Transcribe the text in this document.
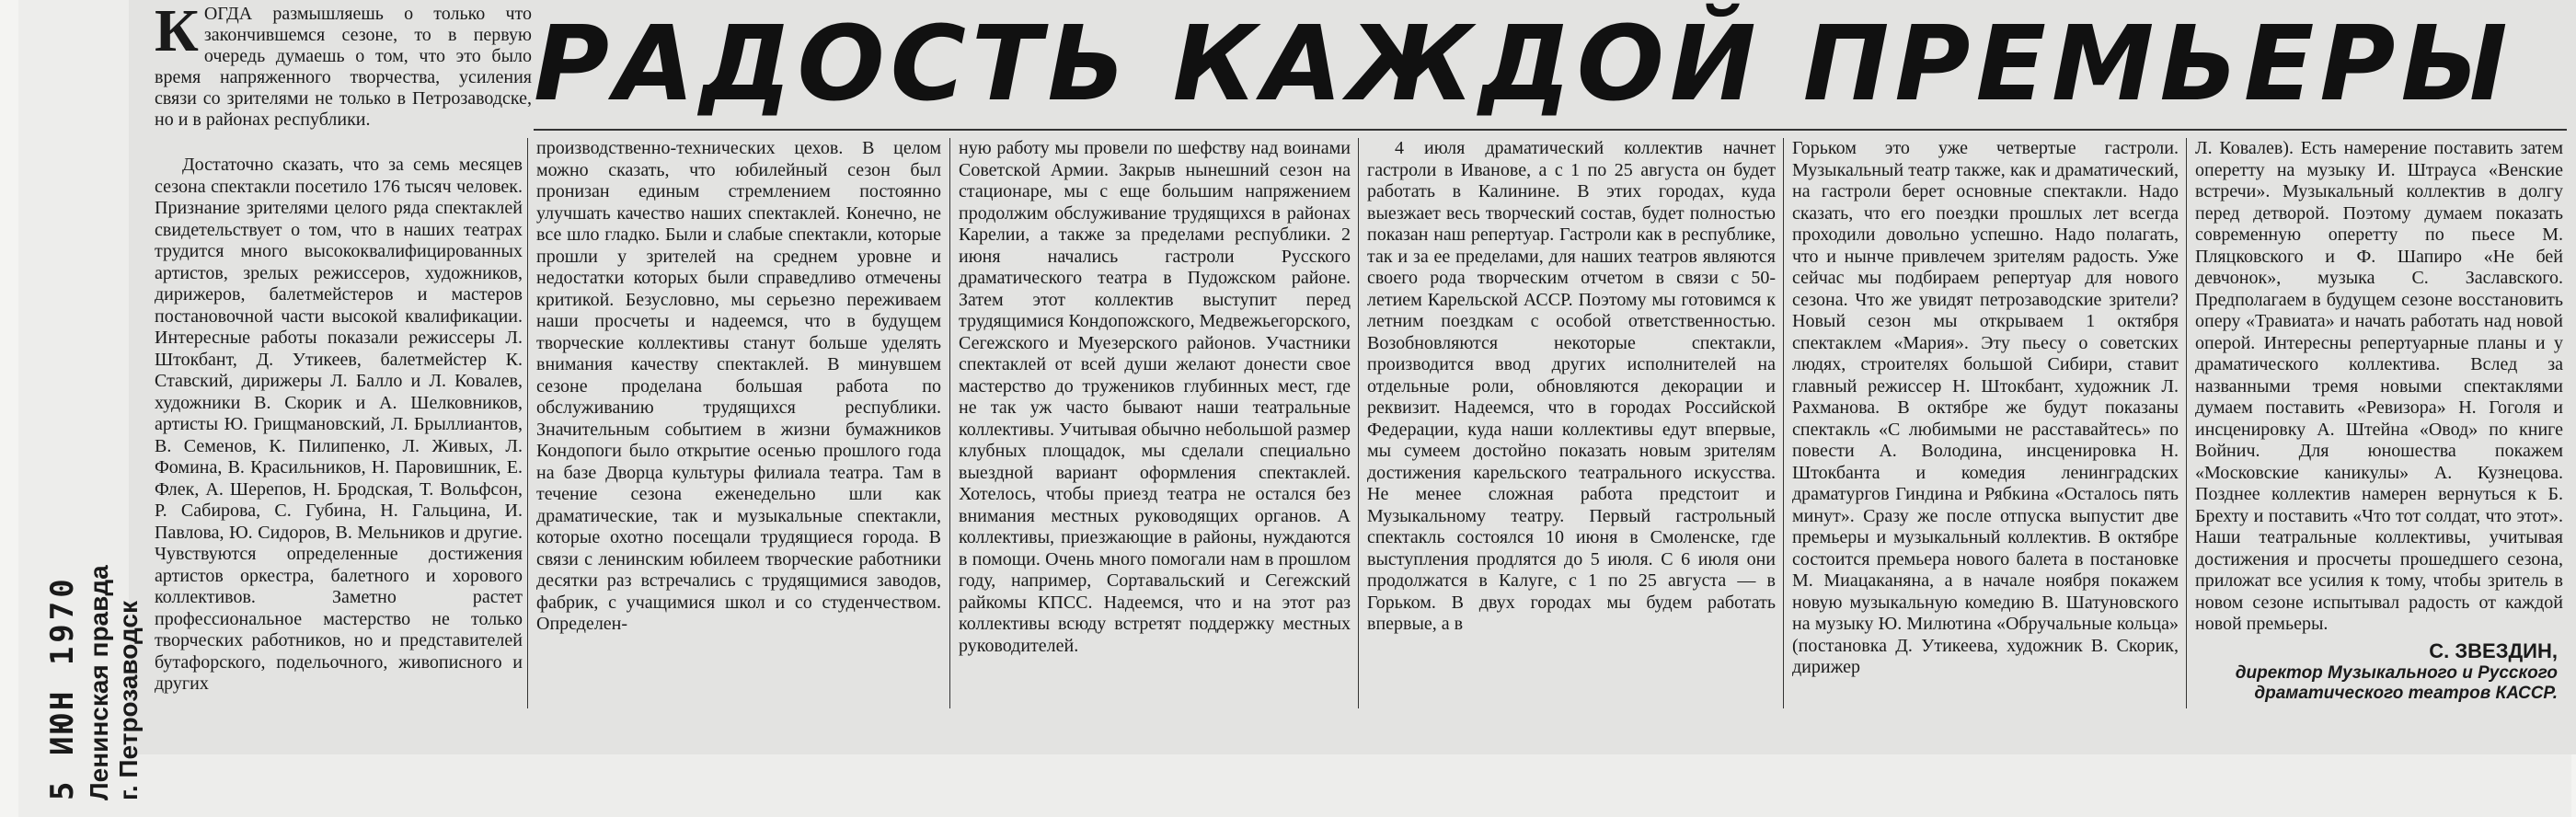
5 ИЮН 1970 Ленинская правда г. Петрозаводск
К ОГДА размышляешь о только что закончившемся сезоне, то в первую очередь думаешь о том, что это было время напряженного творчества, усиления связи со зрителями не только в Петрозаводске, но и в районах республики.	РАДОСТЬ КАЖДОЙ ПРЕМЬЕРЫ

Достаточно сказать, что за семь месяцев сезона спектакли посетило 176 тысяч человек. Признание зрителями целого ряда спектаклей свидетельствует о том, что в наших театрах трудится много высококвалифицированных артистов, зрелых режиссеров, художников, дирижеров, балетмейстеров и мастеров постановочной части высокой квалификации. Интересные работы показали режиссеры Л. Штокбант, Д. Утикеев, балетмейстер К. Ставский, дирижеры Л. Балло и Л. Ковалев, художники В. Скорик и А. Шелковников, артисты Ю. Грищмановский, Л. Брыллиантов, В. Семенов, К. Пилипенко, Л. Живых, Л. Фомина, В. Красильников, Н. Паровишник, Е. Флек, А. Шерепов, Н. Бродская, Т. Вольфсон, Р. Сабирова, С. Губина, Н. Гальцина, И. Павлова, Ю. Сидоров, В. Мельников и другие. Чувствуются определенные достижения артистов оркестра, балетного и хорового коллективов. Заметно растет профессиональное мастерство не только творческих работников, но и представителей бутафорского, подельочного, живописного и других

производственно-технических цехов. В целом можно сказать, что юбилейный сезон был пронизан единым стремлением постоянно улучшать качество наших спектаклей. Конечно, не все шло гладко. Были и слабые спектакли, которые прошли у зрителей на среднем уровне и недостатки которых были справедливо отмечены критикой. Безусловно, мы серьезно переживаем наши просчеты и надеемся, что в будущем творческие коллективы станут больше уделять внимания качеству спектаклей. В минувшем сезоне проделана большая работа по обслуживанию трудящихся республики. Значительным событием в жизни бумажников Кондопоги было открытие осенью прошлого года на базе Дворца культуры филиала театра. Там в течение сезона еженедельно шли как драматические, так и музыкальные спектакли, которые охотно посещали трудящиеся города. В связи с ленинским юбилеем творческие работники десятки раз встречались с трудящимися заводов, фабрик, с учащимися школ и со студенчеством. Определен-

ную работу мы провели по шефству над воинами Советской Армии. Закрыв нынешний сезон на стационаре, мы с еще большим напряжением продолжим обслуживание трудящихся в районах Карелии, а также за пределами республики. 2 июня начались гастроли Русского драматического театра в Пудожском районе. Затем этот коллектив выступит перед трудящимися Кондопожского, Медвежьегорского, Сегежского и Муезерского районов. Участники спектаклей от всей души желают донести свое мастерство до тружеников глубинных мест, где не так уж часто бывают наши театральные коллективы. Учитывая обычно небольшой размер клубных площадок, мы сделали специально выездной вариант оформления спектаклей. Хотелось, чтобы приезд театра не остался без внимания местных руководящих органов. А коллективы, приезжающие в районы, нуждаются в помощи. Очень много помогали нам в прошлом году, например, Сортавальский и Сегежский райкомы КПСС. Надеемся, что и на этот раз коллективы всюду встретят поддержку местных руководителей.

4 июля драматический коллектив начнет гастроли в Иванове, а с 1 по 25 августа он будет работать в Калинине. В этих городах, куда выезжает весь творческий состав, будет полностью показан наш репертуар. Гастроли как в республике, так и за ее пределами, для наших театров являются своего рода творческим отчетом в связи с 50-летием Карельской АССР. Поэтому мы готовимся к летним поездкам с особой ответственностью. Возобновляются некоторые спектакли, производится ввод других исполнителей на отдельные роли, обновляются декорации и реквизит. Надеемся, что в городах Российской Федерации, куда наши коллективы едут впервые, мы сумеем достойно показать новым зрителям достижения карельского театрального искусства. Не менее сложная работа предстоит и Музыкальному театру. Первый гастрольный спектакль состоялся 10 июня в Смоленске, где выступления продлятся до 5 июля. С 6 июля они продолжатся в Калуге, с 1 по 25 августа — в Горьком. В двух городах мы будем работать впервые, а в

Горьком это уже четвертые гастроли. Музыкальный театр также, как и драматический, на гастроли берет основные спектакли. Надо сказать, что его поездки прошлых лет всегда проходили довольно успешно. Надо полагать, что и нынче привлечем зрителям радость. Уже сейчас мы подбираем репертуар для нового сезона. Что же увидят петрозаводские зрители? Новый сезон мы открываем 1 октября спектаклем «Мария». Эту пьесу о советских людях, строителях большой Сибири, ставит главный режиссер Н. Штокбант, художник Л. Рахманова. В октябре же будут показаны спектакль «С любимыми не расставайтесь» по повести А. Володина, инсценировка Н. Штокбанта и комедия ленинградских драматургов Гиндина и Рябкина «Осталось пять минут». Сразу же после отпуска выпустит две премьеры и музыкальный коллектив. В октябре состоится премьера нового балета в постановке М. Миацаканяна, а в начале ноября покажем новую музыкальную комедию В. Шатуновского на музыку Ю. Милютина «Обручальные кольца» (постановка Д. Утикеева, художник В. Скорик, дирижер

Л. Ковалев). Есть намерение поставить затем оперетту на музыку И. Штрауса «Венские встречи». Музыкальный коллектив в долгу перед детворой. Поэтому думаем показать современную оперетту по пьесе М. Пляцковского и Ф. Шапиро «Не бей девчонок», музыка С. Заславского. Предполагаем в будущем сезоне восстановить оперу «Травиата» и начать работать над новой оперой. Интересны репертуарные планы и у драматического коллектива. Вслед за названными тремя новыми спектаклями думаем поставить «Ревизора» Н. Гоголя и инсценировку А. Штейна «Овод» по книге Войнич. Для юношества покажем «Московские каникулы» А. Кузнецова. Позднее коллектив намерен вернуться к Б. Брехту и поставить «Что тот солдат, что этот». Наши театральные коллективы, учитывая достижения и просчеты прошедшего сезона, приложат все усилия к тому, чтобы зритель в новом сезоне испытывал радость от каждой новой премьеры.

С. ЗВЕЗДИН,
директор Музыкального и Русского драматического театров КАССР.
